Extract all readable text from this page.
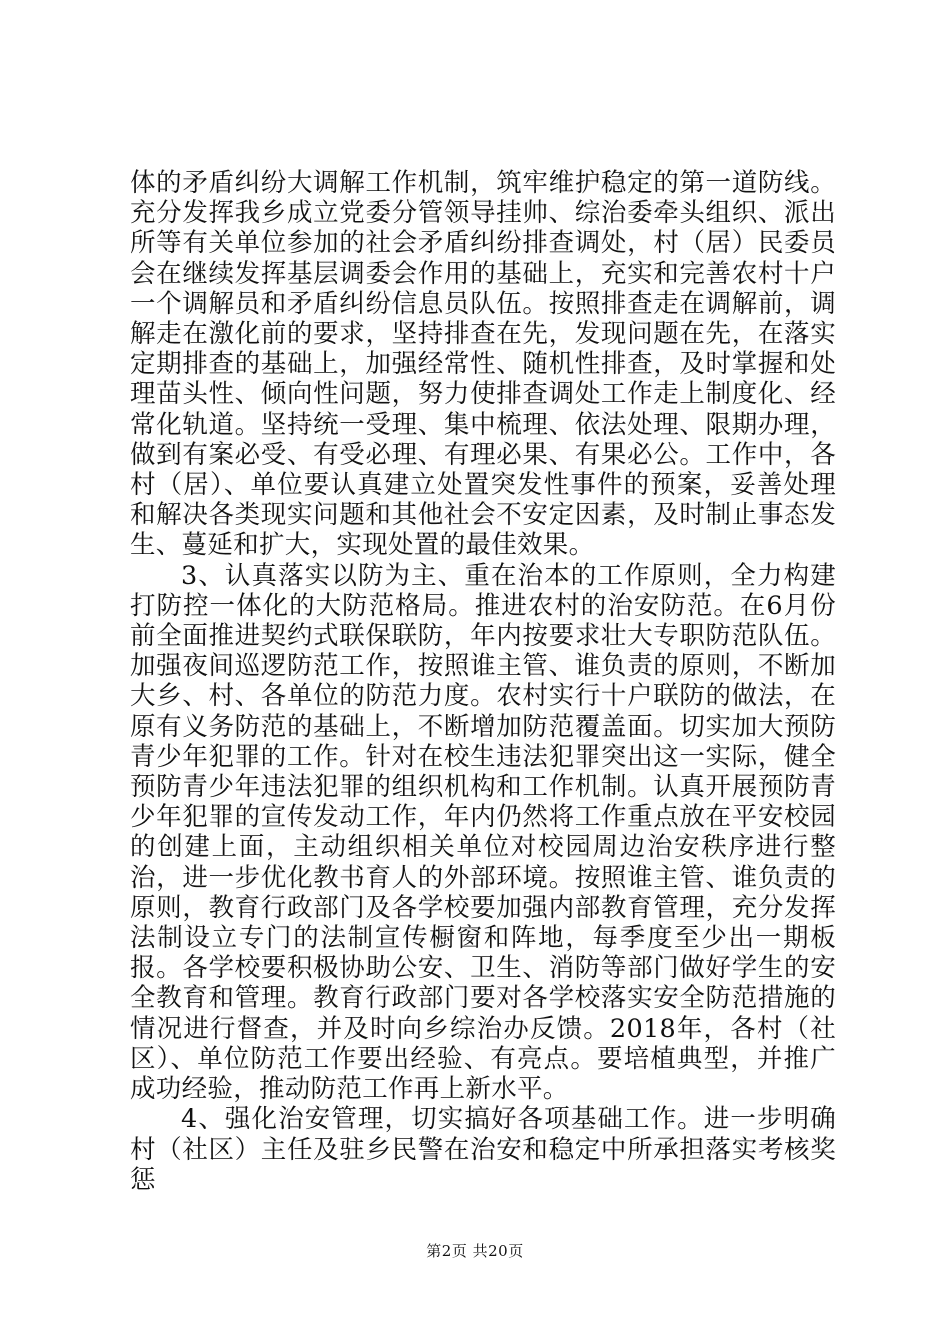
体的矛盾纠纷大调解工作机制，筑牢维护稳定的第一道防线。充分发挥我乡成立党委分管领导挂帅、综治委牵头组织、派出所等有关单位参加的社会矛盾纠纷排查调处，村（居）民委员会在继续发挥基层调委会作用的基础上，充实和完善农村十户一个调解员和矛盾纠纷信息员队伍。按照排查走在调解前，调解走在激化前的要求，坚持排查在先，发现问题在先，在落实定期排查的基础上，加强经常性、随机性排查，及时掌握和处理苗头性、倾向性问题，努力使排查调处工作走上制度化、经常化轨道。坚持统一受理、集中梳理、依法处理、限期办理，做到有案必受、有受必理、有理必果、有果必公。工作中，各村（居）、单位要认真建立处置突发性事件的预案，妥善处理和解决各类现实问题和其他社会不安定因素，及时制止事态发生、蔓延和扩大，实现处置的最佳效果。

3、认真落实以防为主、重在治本的工作原则，全力构建打防控一体化的大防范格局。推进农村的治安防范。在6月份前全面推进契约式联保联防，年内按要求壮大专职防范队伍。加强夜间巡逻防范工作，按照谁主管、谁负责的原则，不断加大乡、村、各单位的防范力度。农村实行十户联防的做法，在原有义务防范的基础上，不断增加防范覆盖面。切实加大预防青少年犯罪的工作。针对在校生违法犯罪突出这一实际，健全预防青少年违法犯罪的组织机构和工作机制。认真开展预防青少年犯罪的宣传发动工作，年内仍然将工作重点放在平安校园的创建上面，主动组织相关单位对校园周边治安秩序进行整治，进一步优化教书育人的外部环境。按照谁主管、谁负责的原则，教育行政部门及各学校要加强内部教育管理，充分发挥法制设立专门的法制宣传橱窗和阵地，每季度至少出一期板报。各学校要积极协助公安、卫生、消防等部门做好学生的安全教育和管理。教育行政部门要对各学校落实安全防范措施的情况进行督查，并及时向乡综治办反馈。2018年，各村（社区）、单位防范工作要出经验、有亮点。要培植典型，并推广成功经验，推动防范工作再上新水平。

4、强化治安管理，切实搞好各项基础工作。进一步明确村（社区）主任及驻乡民警在治安和稳定中所承担落实考核奖惩

第2页 共20页
